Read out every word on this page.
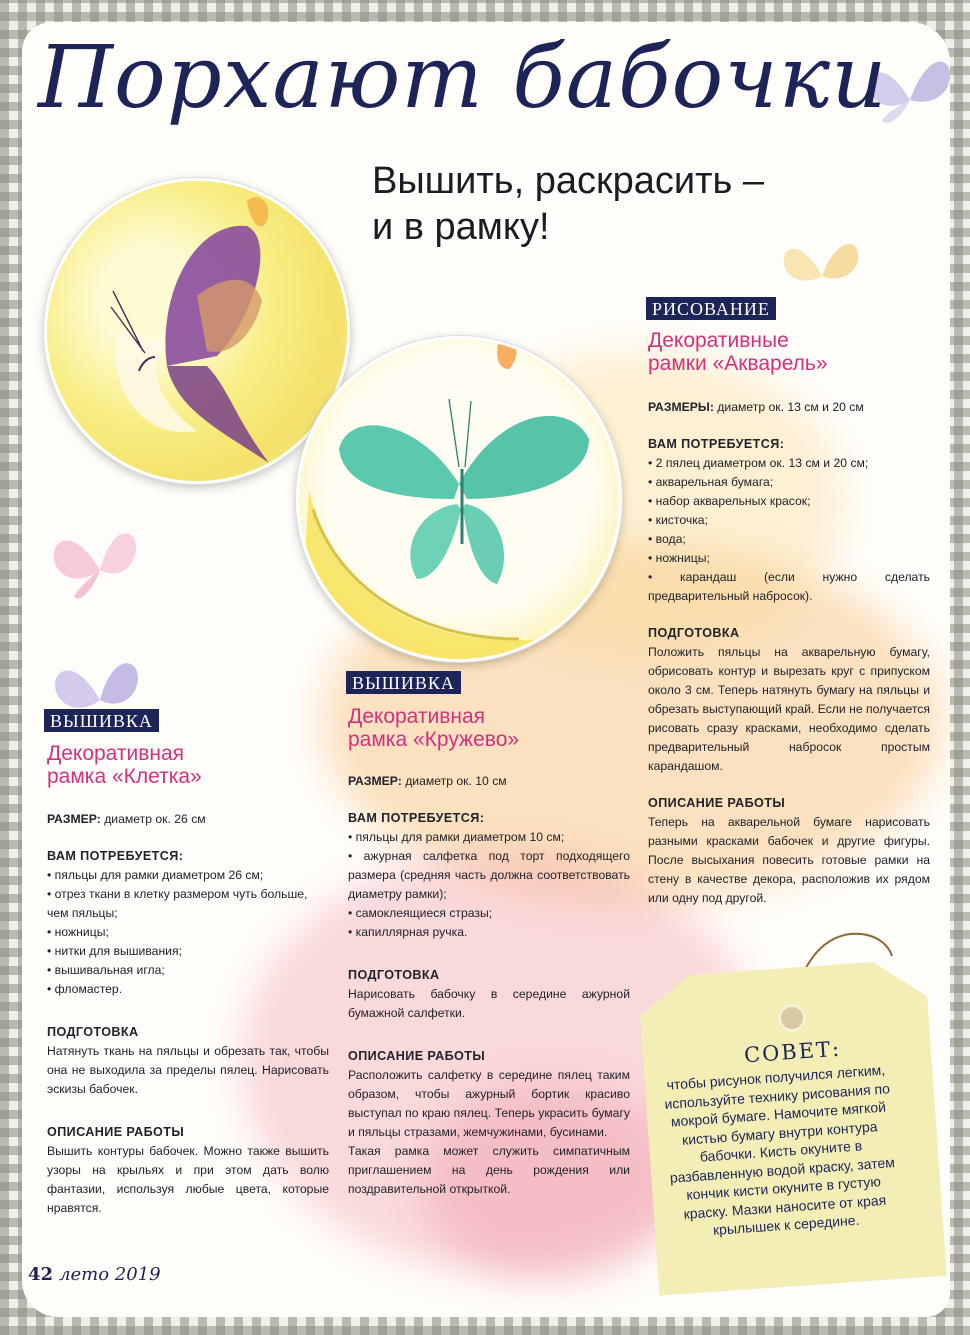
Порхают бабочки
Вышить, раскрасить –
и в рамку!
РИСОВАНИЕ
Декоративные
рамки «Акварель»

РАЗМЕРЫ: диаметр ок. 13 см и 20 см

ВАМ ПОТРЕБУЕТСЯ:

• 2 пялец диаметром ок. 13 см и 20 см;
• акварельная бумага;
• набор акварельных красок;
• кисточка;
• вода;
• ножницы;
• карандаш (если нужно сделать предварительный набросок).

ПОДГОТОВКА

Положить пяльцы на акварельную бумагу, обрисовать контур и вырезать круг с припуском около 3 см. Теперь натянуть бумагу на пяльцы и обрезать выступающий край. Если не получается рисовать сразу красками, необходимо сделать предварительный набросок простым карандашом.

ОПИСАНИЕ РАБОТЫ

Теперь на акварельной бумаге нарисовать разными красками бабочек и другие фигуры. После высыхания повесить готовые рамки на стену в качестве декора, расположив их рядом или одну под другой.

ВЫШИВКА
Декоративная
рамка «Кружево»

РАЗМЕР: диаметр ок. 10 см

ВАМ ПОТРЕБУЕТСЯ:

• пяльцы для рамки диаметром 10 см;
• ажурная салфетка под торт подходящего размера (средняя часть должна соответствовать диаметру рамки);
• самоклеящиеся стразы;
• капиллярная ручка.

ПОДГОТОВКА

Нарисовать бабочку в середине ажурной бумажной салфетки.

ОПИСАНИЕ РАБОТЫ

Расположить салфетку в середине пялец таким образом, чтобы ажурный бортик красиво выступал по краю пялец. Теперь украсить бумагу и пяльцы стразами, жемчужинами, бусинами.

Такая рамка может служить симпатичным приглашением на день рождения или поздравительной открыткой.

ВЫШИВКА
Декоративная
рамка «Клетка»

РАЗМЕР: диаметр ок. 26 см

ВАМ ПОТРЕБУЕТСЯ:

• пяльцы для рамки диаметром 26 см;
• отрез ткани в клетку размером чуть больше, чем пяльцы;
• ножницы;
• нитки для вышивания;
• вышивальная игла;
• фломастер.

ПОДГОТОВКА

Натянуть ткань на пяльцы и обрезать так, чтобы она не выходила за пределы пялец. Нарисовать эскизы бабочек.

ОПИСАНИЕ РАБОТЫ

Вышить контуры бабочек. Можно также вышить узоры на крыльях и при этом дать волю фантазии, используя любые цвета, которые нравятся.

СОВЕТ:
чтобы рисунок получился легким, используйте технику рисования по мокрой бумаге. Намочите мягкой кистью бумагу внутри контура бабочки. Кисть окуните в разбавленную водой краску, затем кончик кисти окуните в густую краску. Мазки наносите от края крылышек к середине.
42 лето 2019
